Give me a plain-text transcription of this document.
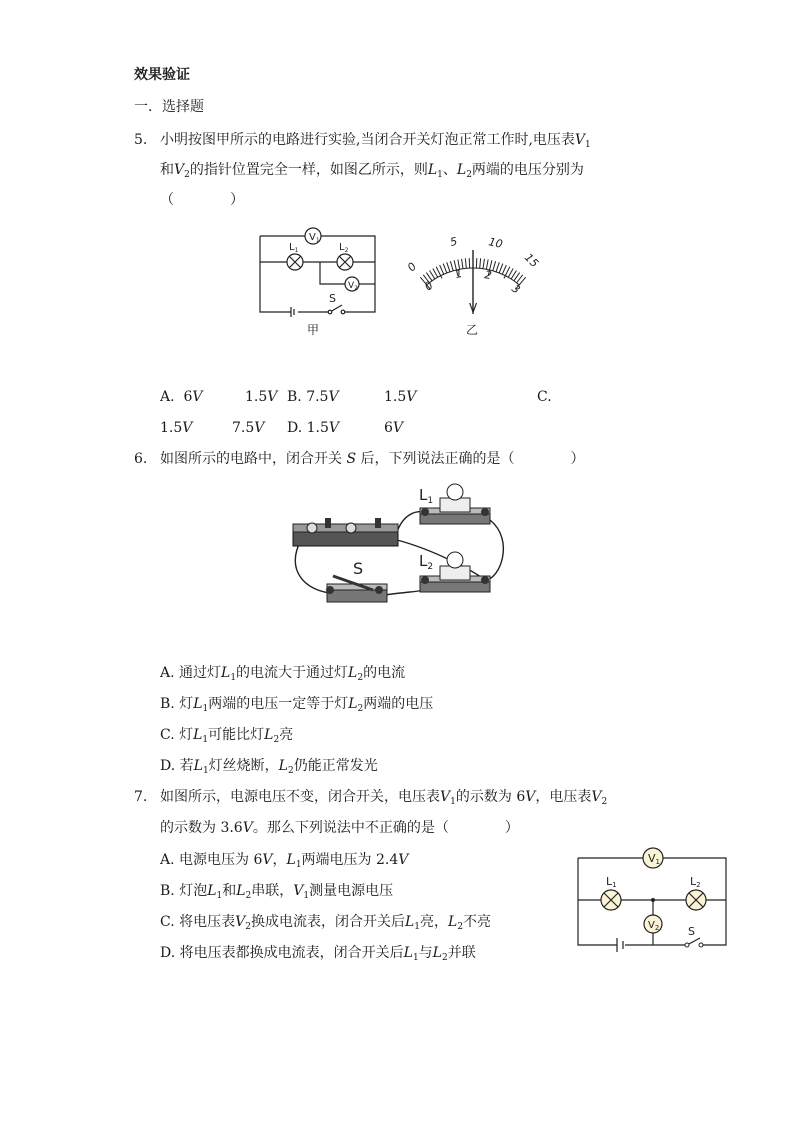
效果验证
一．选择题
5. 小明按图甲所示的电路进行实验,当闭合开关灯泡正常工作时,电压表$V_1$
和$V_2$的指针位置完全一样，如图乙所示，则$L_1$、$L_2$两端的电压分别为
（　　　　）
$V_1$
$V_2$
$L_1$	$L_2$
S
甲
0
5	10
15
0
1 2
3
V
乙
A. 6V	1.5V B. 7.5V	1.5V	C.
1.5V	7.5V D. 1.5V	6V
6. 如图所示的电路中，闭合开关 S 后，下列说法正确的是（　　　　）
S
$L_1$
$L_2$
A. 通过灯$L_1$的电流大于通过灯$L_2$的电流
B. 灯$L_1$两端的电压一定等于灯$L_2$两端的电压
C. 灯$L_1$可能比灯$L_2$亮
D. 若$L_1$灯丝烧断，$L_2$仍能正常发光
7. 如图所示，电源电压不变，闭合开关，电压表$V_1$的示数为 6V，电压表$V_2$
的示数为 3.6V。那么下列说法中不正确的是（　　　　）
A. 电源电压为 6V，$L_1$两端电压为 2.4V
B. 灯泡$L_1$和$L_2$串联，$V_1$测量电源电压
C. 将电压表$V_2$换成电流表，闭合开关后$L_1$亮，$L_2$不亮
D. 将电压表都换成电流表，闭合开关后$L_1$与$L_2$并联
V1
$V_2$
L1	L2
S
